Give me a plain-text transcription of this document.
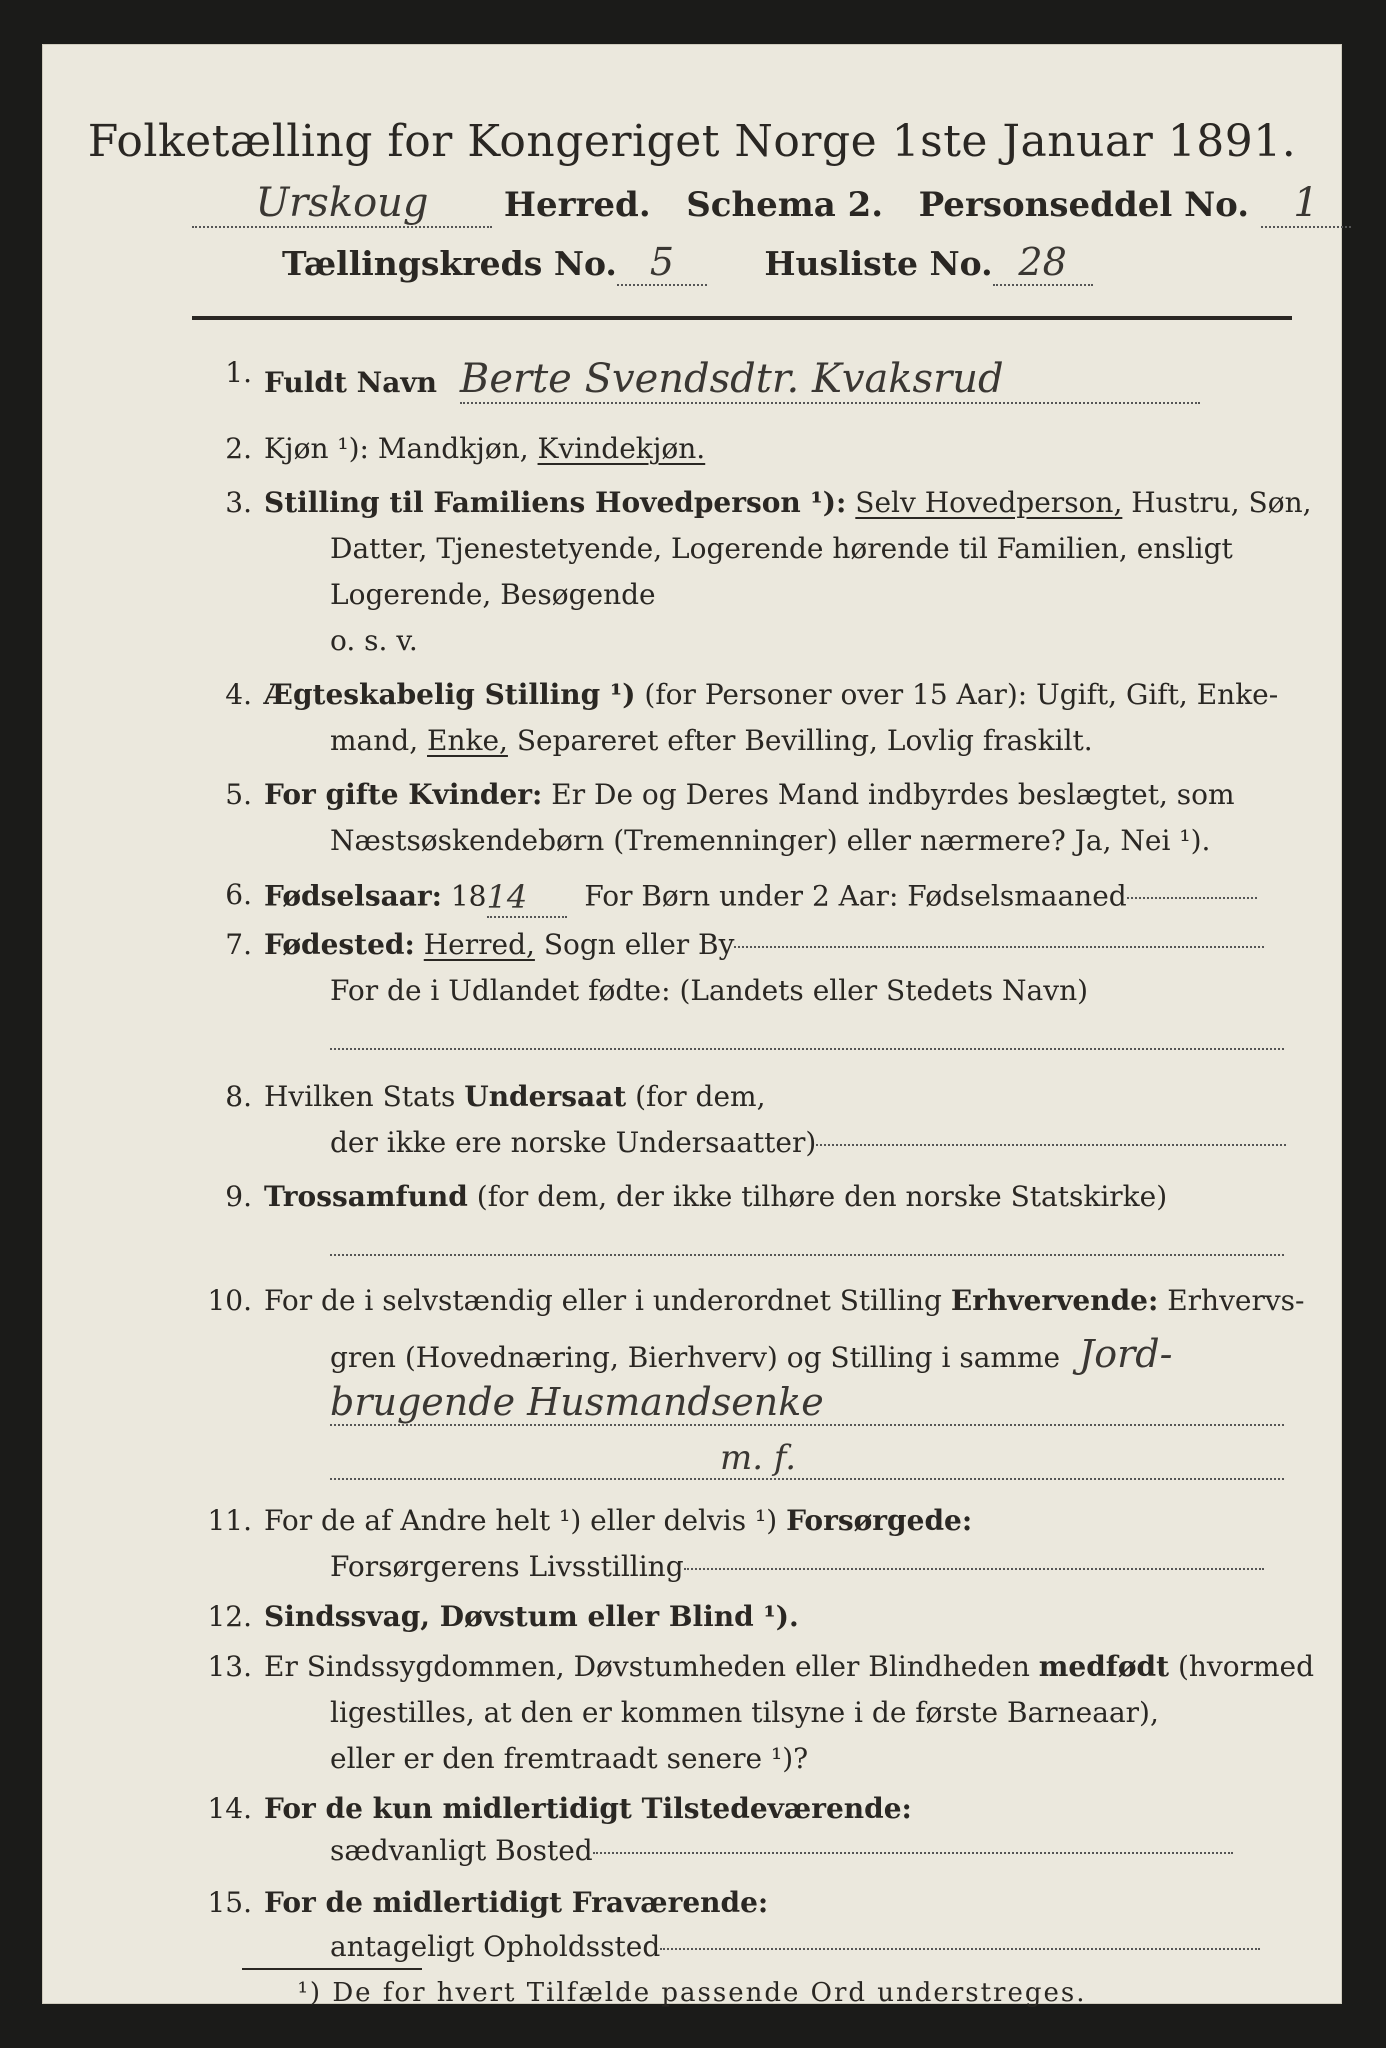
Folketælling for Kongeriget Norge 1ste Januar 1891.
Urskoug Herred. Schema 2. Personseddel No. 1
Tællingskreds No. 5	Husliste No. 28
1. Fuldt Navn Berte Svendsdtr. Kvaksrud
2. Kjøn ¹): Mandkjøn, Kvindekjøn.
3. Stilling til Familiens Hovedperson ¹): Selv Hovedperson, Hustru, Søn,
Datter, Tjenestetyende, Logerende hørende til Familien, ensligt
Logerende, Besøgende
o. s. v.
4. Ægteskabelig Stilling ¹) (for Personer over 15 Aar): Ugift, Gift, Enke-
mand, Enke, Separeret efter Bevilling, Lovlig fraskilt.
5. For gifte Kvinder: Er De og Deres Mand indbyrdes beslægtet, som
Næstsøskendebørn (Tremenninger) eller nærmere? Ja, Nei ¹).
6. Fødselsaar: 1814 For Børn under 2 Aar: Fødselsmaaned
7. Fødested: Herred, Sogn eller By
For de i Udlandet fødte: (Landets eller Stedets Navn)
8. Hvilken Stats Undersaat (for dem,
der ikke ere norske Undersaatter)
9. Trossamfund (for dem, der ikke tilhøre den norske Statskirke)
10. For de i selvstændig eller i underordnet Stilling Erhvervende: Erhvervs-
gren (Hovednæring, Bierhverv) og Stilling i samme Jord-
brugende Husmandsenke
m. f.
11. For de af Andre helt ¹) eller delvis ¹) Forsørgede:
Forsørgerens Livsstilling
12. Sindssvag, Døvstum eller Blind ¹).
13. Er Sindssygdommen, Døvstumheden eller Blindheden medfødt (hvormed
ligestilles, at den er kommen tilsyne i de første Barneaar),
eller er den fremtraadt senere ¹)?
14. For de kun midlertidigt Tilstedeværende:
sædvanligt Bosted
15. For de midlertidigt Fraværende:
antageligt Opholdssted
¹) De for hvert Tilfælde passende Ord understreges.
